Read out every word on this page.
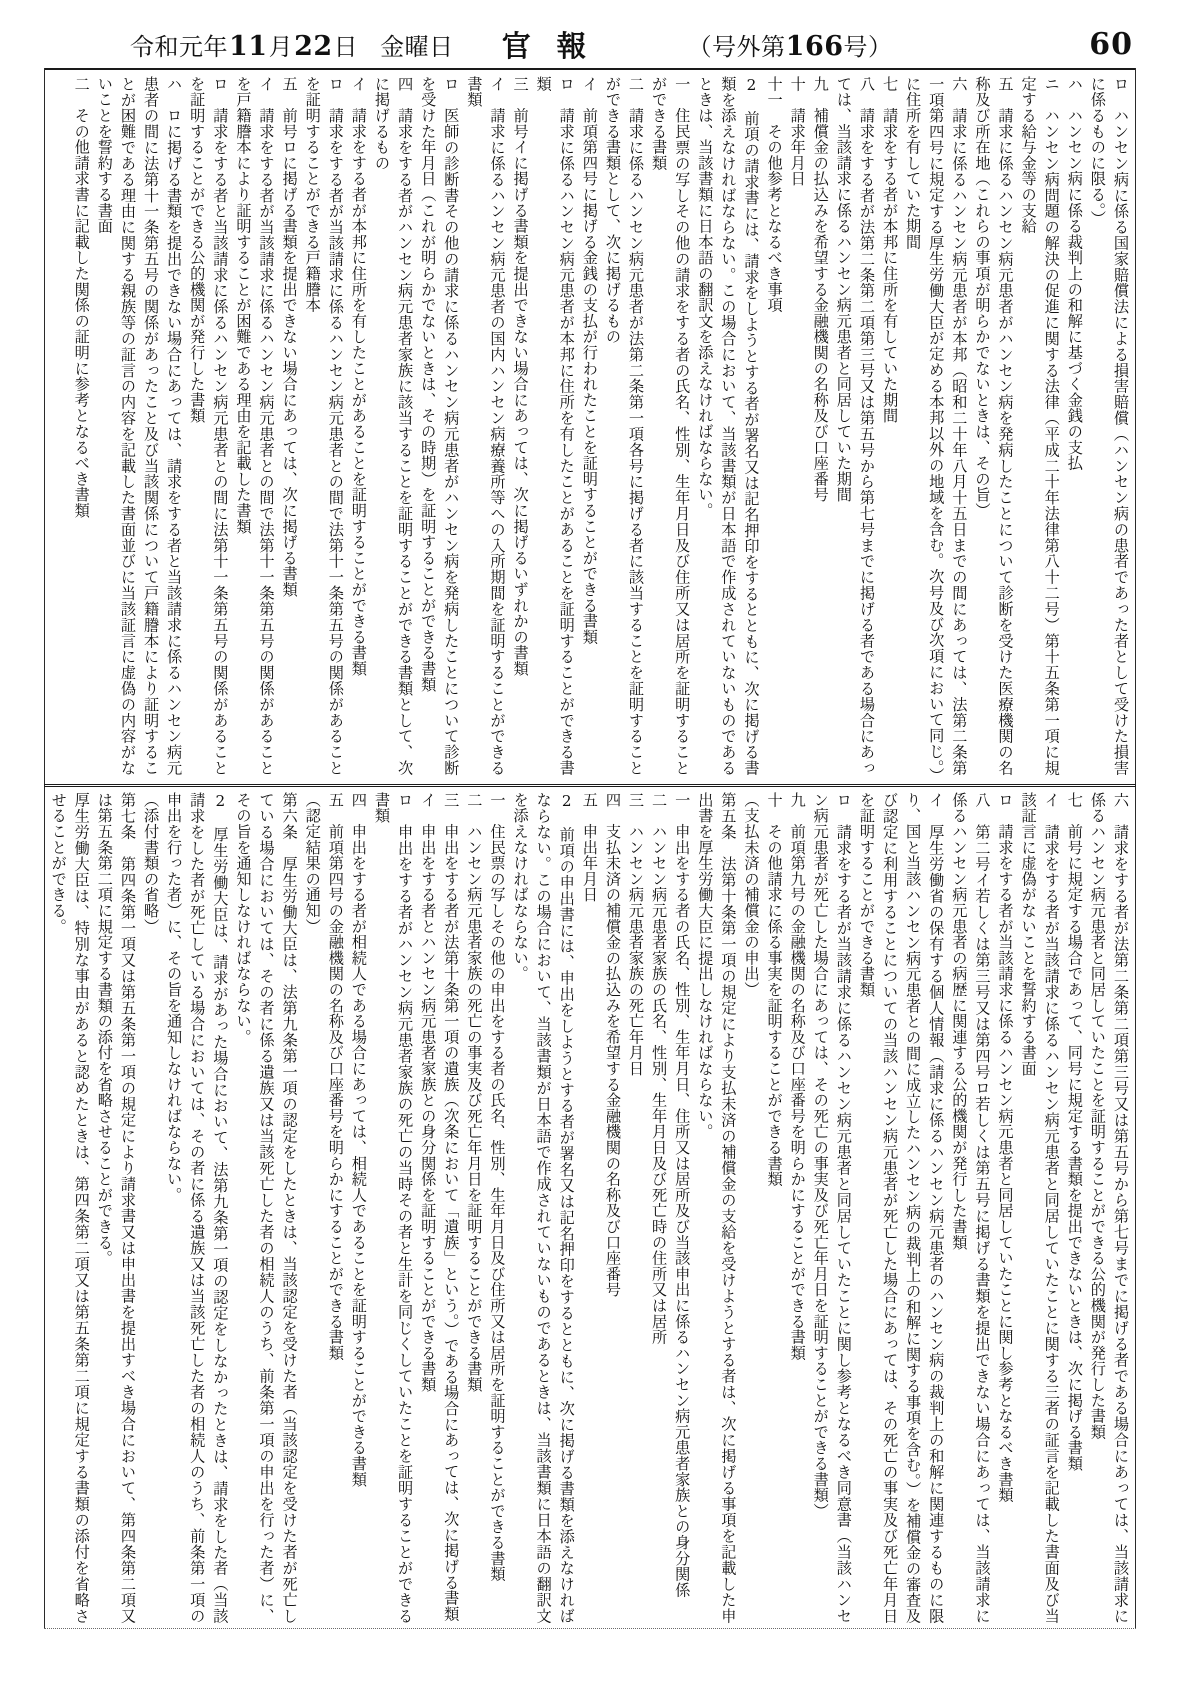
令和元年11月22日 金曜日 官報	（号外第166号）	60

ロ　ハンセン病に係る国家賠償法による損害賠償（ハンセン病の患者であった者として受けた損害に係るものに限る。）

ハ　ハンセン病に係る裁判上の和解に基づく金銭の支払

ニ　ハンセン病問題の解決の促進に関する法律（平成二十年法律第八十二号）第十五条第一項に規定する給与金等の支給

五　請求に係るハンセン病元患者がハンセン病を発病したことについて診断を受けた医療機関の名称及び所在地（これらの事項が明らかでないときは、その旨）

六　請求に係るハンセン病元患者が本邦（昭和二十年八月十五日までの間にあっては、法第二条第一項第四号に規定する厚生労働大臣が定める本邦以外の地域を含む。次号及び次項において同じ。）に住所を有していた期間

七　請求をする者が本邦に住所を有していた期間

八　請求をする者が法第二条第二項第三号又は第五号から第七号までに掲げる者である場合にあっては、当該請求に係るハンセン病元患者と同居していた期間

九　補償金の払込みを希望する金融機関の名称及び口座番号

十　請求年月日

十一　その他参考となるべき事項

2　前項の請求書には、請求をしようとする者が署名又は記名押印をするとともに、次に掲げる書類を添えなければならない。この場合において、当該書類が日本語で作成されていないものであるときは、当該書類に日本語の翻訳文を添えなければならない。

一　住民票の写しその他の請求をする者の氏名、性別、生年月日及び住所又は居所を証明することができる書類

二　請求に係るハンセン病元患者が法第二条第一項各号に掲げる者に該当することを証明することができる書類として、次に掲げるもの

イ　前項第四号に掲げる金銭の支払が行われたことを証明することができる書類

ロ　請求に係るハンセン病元患者が本邦に住所を有したことがあることを証明することができる書類

三　前号イに掲げる書類を提出できない場合にあっては、次に掲げるいずれかの書類

イ　請求に係るハンセン病元患者の国内ハンセン病療養所等への入所期間を証明することができる書類

ロ　医師の診断書その他の請求に係るハンセン病元患者がハンセン病を発病したことについて診断を受けた年月日（これが明らかでないときは、その時期）を証明することができる書類

四　請求をする者がハンセン病元患者家族に該当することを証明することができる書類として、次に掲げるもの

イ　請求をする者が本邦に住所を有したことがあることを証明することができる書類

ロ　請求をする者が当該請求に係るハンセン病元患者との間で法第十一条第五号の関係があることを証明することができる戸籍謄本

五　前号ロに掲げる書類を提出できない場合にあっては、次に掲げる書類

イ　請求をする者が当該請求に係るハンセン病元患者との間で法第十一条第五号の関係があることを戸籍謄本により証明することが困難である理由を記載した書類

ロ　請求をする者と当該請求に係るハンセン病元患者との間に法第十一条第五号の関係があることを証明することができる公的機関が発行した書類

ハ　ロに掲げる書類を提出できない場合にあっては、請求をする者と当該請求に係るハンセン病元患者の間に法第十一条第五号の関係があったこと及び当該関係について戸籍謄本により証明することが困難である理由に関する親族等の証言の内容を記載した書面並びに当該証言に虚偽の内容がないことを誓約する書面

二　その他請求書に記載した関係の証明に参考となるべき書類

六　請求をする者が法第二条第二項第三号又は第五号から第七号までに掲げる者である場合にあっては、当該請求に係るハンセン病元患者と同居していたことを証明することができる公的機関が発行した書類

七　前号に規定する場合であって、同号に規定する書類を提出できないときは、次に掲げる書類

イ　請求をする者が当該請求に係るハンセン病元患者と同居していたことに関する三者の証言を記載した書面及び当該証言に虚偽がないことを誓約する書面

ロ　請求をする者が当該請求に係るハンセン病元患者と同居していたことに関し参考となるべき書類

八　第二号イ若しくは第三号又は第四号ロ若しくは第五号に掲げる書類を提出できない場合にあっては、当該請求に係るハンセン病元患者の病歴に関連する公的機関が発行した書類

イ　厚生労働省の保有する個人情報（請求に係るハンセン病元患者のハンセン病の裁判上の和解に関連するものに限り、国と当該ハンセン病元患者との間に成立したハンセン病の裁判上の和解に関する事項を含む。）を補償金の審査及び認定に利用することについての当該ハンセン病元患者が死亡した場合にあっては、その死亡の事実及び死亡年月日を証明することができる書類

ロ　請求をする者が当該請求に係るハンセン病元患者と同居していたことに関し参考となるべき同意書（当該ハンセン病元患者が死亡した場合にあっては、その死亡の事実及び死亡年月日を証明することができる書類）

九　前項第九号の金融機関の名称及び口座番号を明らかにすることができる書類

十　その他請求に係る事実を証明することができる書類

（支払未済の補償金の申出）

第五条　法第十条第一項の規定により支払未済の補償金の支給を受けようとする者は、次に掲げる事項を記載した申出書を厚生労働大臣に提出しなければならない。

一　申出をする者の氏名、性別、生年月日、住所又は居所及び当該申出に係るハンセン病元患者家族との身分関係

二　ハンセン病元患者家族の氏名、性別、生年月日及び死亡時の住所又は居所

三　ハンセン病元患者家族の死亡年月日

四　支払未済の補償金の払込みを希望する金融機関の名称及び口座番号

五　申出年月日

2　前項の申出書には、申出をしようとする者が署名又は記名押印をするとともに、次に掲げる書類を添えなければならない。この場合において、当該書類が日本語で作成されていないものであるときは、当該書類に日本語の翻訳文を添えなければならない。

一　住民票の写しその他の申出をする者の氏名、性別、生年月日及び住所又は居所を証明することができる書類

二　ハンセン病元患者家族の死亡の事実及び死亡年月日を証明することができる書類

三　申出をする者が法第十条第一項の遺族（次条において「遺族」という。）である場合にあっては、次に掲げる書類

イ　申出をする者とハンセン病元患者家族との身分関係を証明することができる書類

ロ　申出をする者がハンセン病元患者家族の死亡の当時その者と生計を同じくしていたことを証明することができる書類

四　申出をする者が相続人である場合にあっては、相続人であることを証明することができる書類

五　前項第四号の金融機関の名称及び口座番号を明らかにすることができる書類

（認定結果の通知）

第六条　厚生労働大臣は、法第九条第一項の認定をしたときは、当該認定を受けた者（当該認定を受けた者が死亡している場合においては、その者に係る遺族又は当該死亡した者の相続人のうち、前条第一項の申出を行った者）に、その旨を通知しなければならない。

2　厚生労働大臣は、請求があった場合において、法第九条第一項の認定をしなかったときは、請求をした者（当該請求をした者が死亡している場合においては、その者に係る遺族又は当該死亡した者の相続人のうち、前条第一項の申出を行った者）に、その旨を通知しなければならない。

（添付書類の省略）

第七条　第四条第一項又は第五条第一項の規定により請求書又は申出書を提出すべき場合において、第四条第二項又は第五条第二項に規定する書類の添付を省略させることができる。

厚生労働大臣は、特別な事由があると認めたときは、第四条第二項又は第五条第二項に規定する書類の添付を省略させることができる。
